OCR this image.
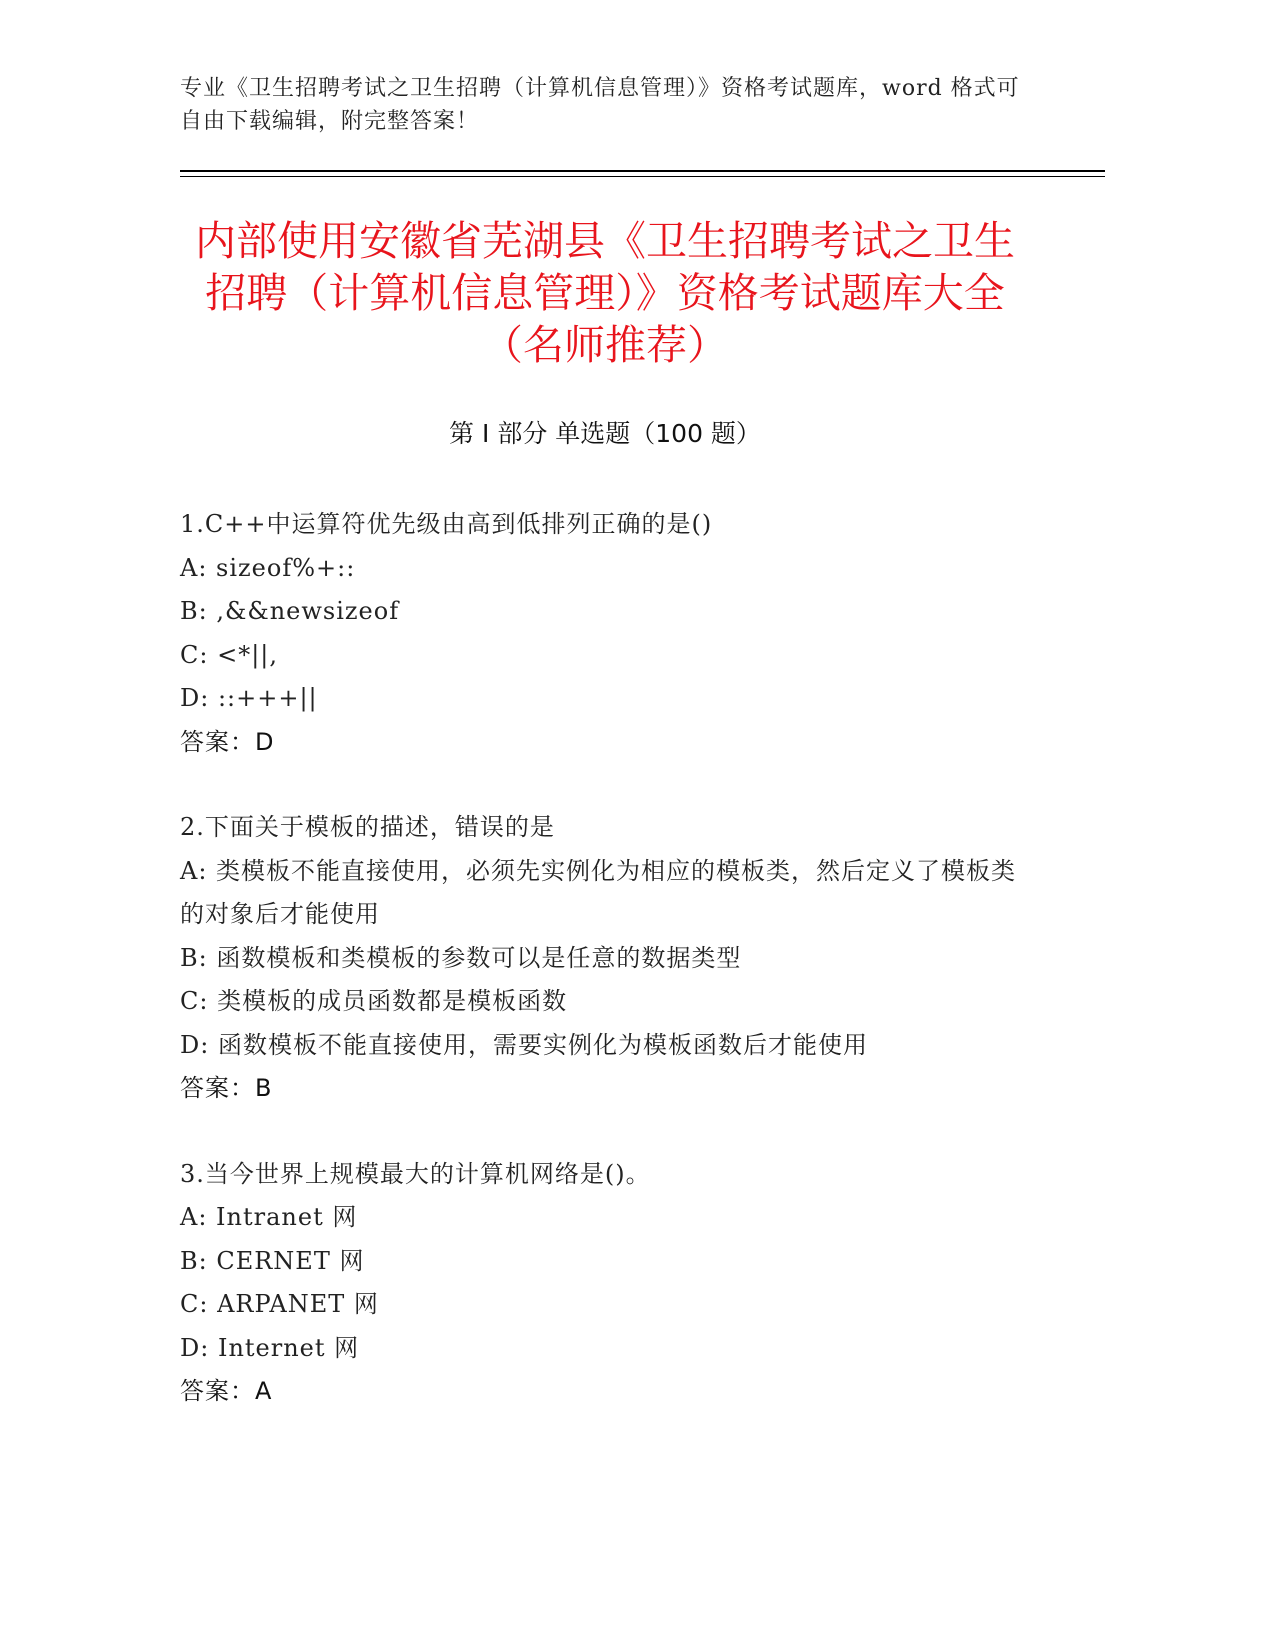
专业《卫生招聘考试之卫生招聘（计算机信息管理）》资格考试题库，word 格式可自由下载编辑，附完整答案！
内部使用安徽省芜湖县《卫生招聘考试之卫生招聘（计算机信息管理）》资格考试题库大全（名师推荐）
第 I 部分 单选题（100 题）
1.C++中运算符优先级由高到低排列正确的是()
A: sizeof%+::
B: ,&&newsizeof
C: <*||,
D: ::+++||
答案：D
2.下面关于模板的描述，错误的是
A: 类模板不能直接使用，必须先实例化为相应的模板类，然后定义了模板类的对象后才能使用
B: 函数模板和类模板的参数可以是任意的数据类型
C: 类模板的成员函数都是模板函数
D: 函数模板不能直接使用，需要实例化为模板函数后才能使用
答案：B
3.当今世界上规模最大的计算机网络是()。
A: Intranet 网
B: CERNET 网
C: ARPANET 网
D: Internet 网
答案：A
